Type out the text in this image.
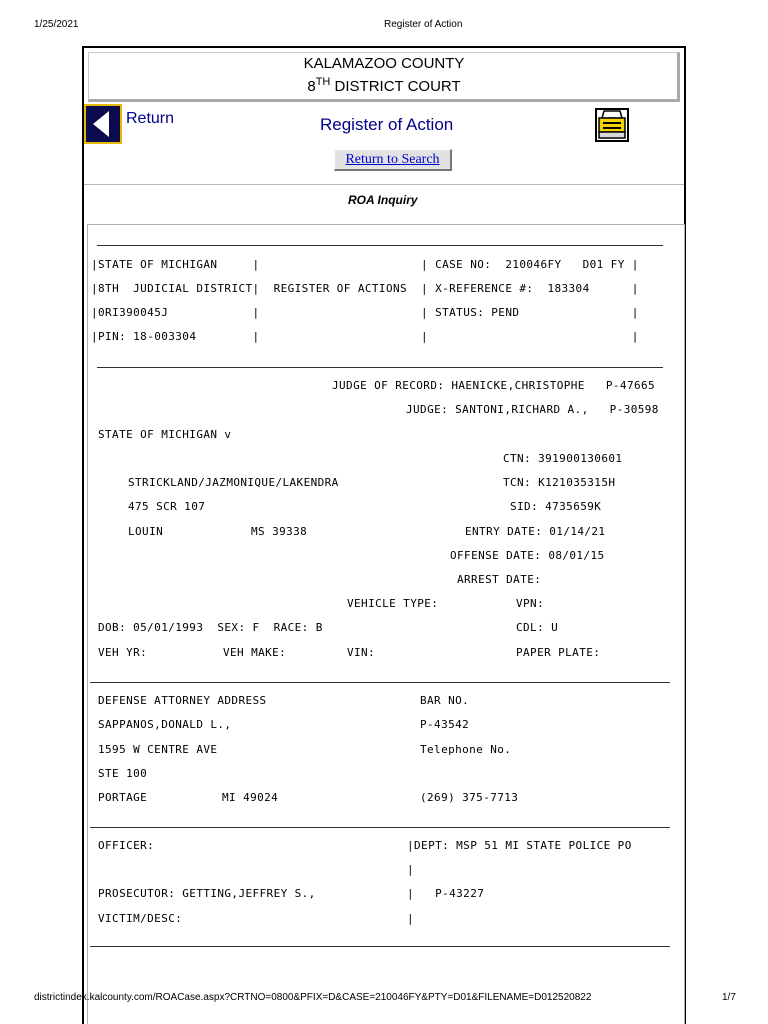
1/25/2021	Register of Action
KALAMAZOO COUNTY
8TH DISTRICT COURT
Return	Register of Action
Return to Search
ROA Inquiry
|STATE OF MICHIGAN     |                       | CASE NO:  210046FY   D01 FY |
|8TH  JUDICIAL DISTRICT|  REGISTER OF ACTIONS  | X-REFERENCE #:  183304      |
|0RI390045J            |                       | STATUS: PEND                |
|PIN: 18-003304        |                       |                             |
JUDGE OF RECORD: HAENICKE,CHRISTOPHE   P-47665
JUDGE: SANTONI,RICHARD A.,   P-30598
STATE OF MICHIGAN v
CTN: 391900130601
STRICKLAND/JAZMONIQUE/LAKENDRA	TCN: K121035315H
475 SCR 107	SID: 4735659K
LOUIN	MS 39338	ENTRY DATE: 01/14/21
OFFENSE DATE: 08/01/15
ARREST DATE:
VEHICLE TYPE:	VPN:
DOB: 05/01/1993  SEX: F  RACE: B	CDL: U
VEH YR:	VEH MAKE:	VIN:	PAPER PLATE:
DEFENSE ATTORNEY ADDRESS	BAR NO.
SAPPANOS,DONALD L.,	P-43542
1595 W CENTRE AVE	Telephone No.
STE 100
PORTAGE	MI 49024	(269) 375-7713
OFFICER:	|DEPT: MSP 51 MI STATE POLICE PO
|
PROSECUTOR: GETTING,JEFFREY S.,	|   P-43227
VICTIM/DESC:	|
districtindex.kalcounty.com/ROACase.aspx?CRTNO=0800&PFIX=D&CASE=210046FY&PTY=D01&FILENAME=D012520822	1/7
